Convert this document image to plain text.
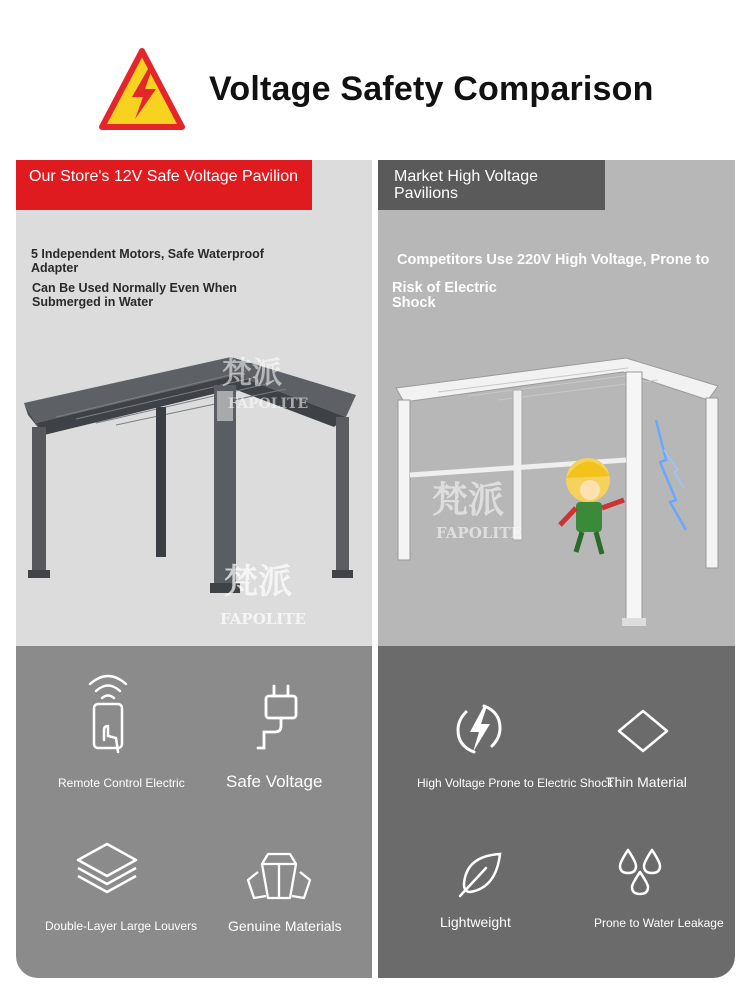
Voltage Safety Comparison
Our Store's 12V Safe Voltage Pavilion
5 Independent Motors, Safe Waterproof Adapter
Can Be Used Normally Even When Submerged in Water
梵派
FAPOLITE
梵派
FAPOLITE
Market High Voltage Pavilions
Competitors Use 220V High Voltage, Prone to
Risk of Electric Shock
梵派
FAPOLITE
Remote Control Electric Safe Voltage
Double-Layer Large Louvers Genuine Materials
High Voltage Prone to Electric Shock
Thin Material
Lightweight	Prone to Water Leakage
